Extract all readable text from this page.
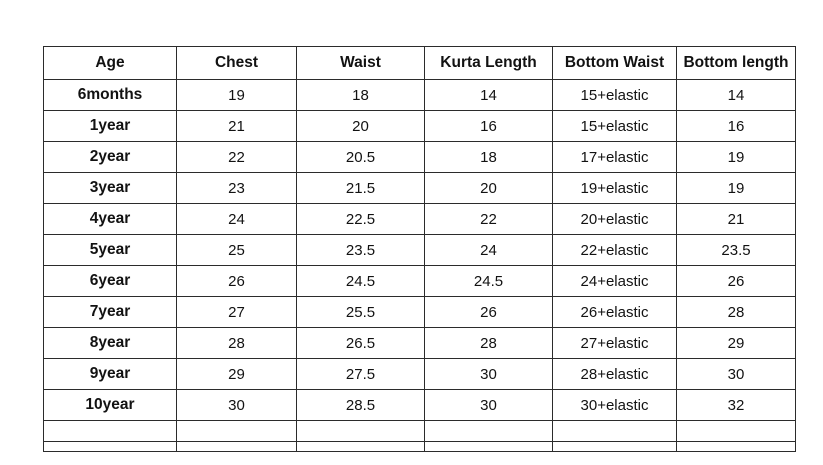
Age	Chest	Waist	Kurta Length	Bottom Waist	Bottom length
6months	19	18	14	15+elastic	14
1year	21	20	16	15+elastic	16
2year	22	20.5	18	17+elastic	19
3year	23	21.5	20	19+elastic	19
4year	24	22.5	22	20+elastic	21
5year	25	23.5	24	22+elastic	23.5
6year	26	24.5	24.5	24+elastic	26
7year	27	25.5	26	26+elastic	28
8year	28	26.5	28	27+elastic	29
9year	29	27.5	30	28+elastic	30
10year	30	28.5	30	30+elastic	32
